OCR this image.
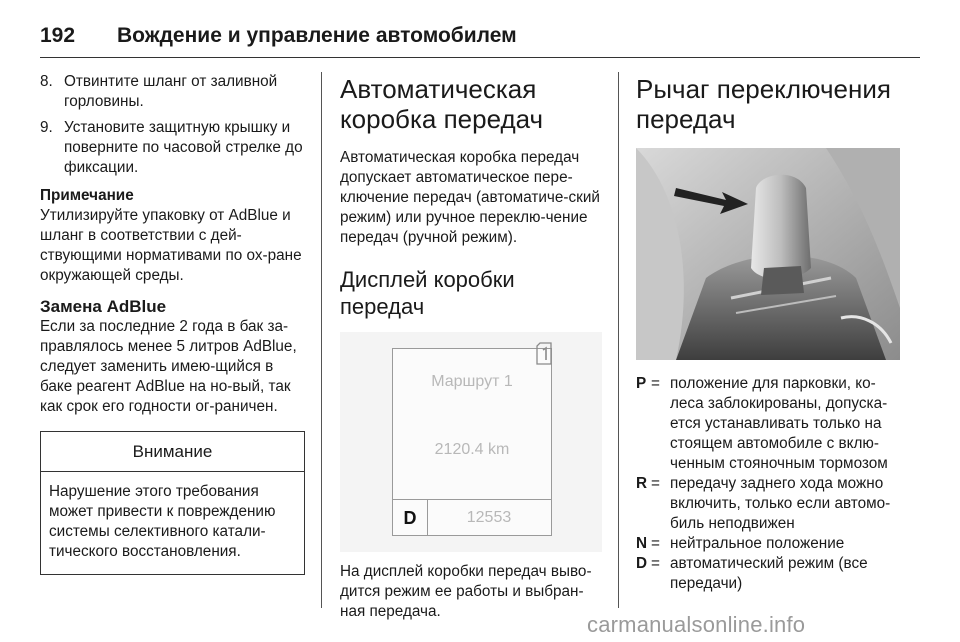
192 Вождение и управление автомобилем
8. Отвинтите шланг от заливной горловины.
9. Установите защитную крышку и поверните по часовой стрелке до фиксации.
Примечание
Утилизируйте упаковку от AdBlue и шланг в соответствии с дей-ствующими нормативами по ох-ране окружающей среды.
Замена AdBlue
Если за последние 2 года в бак за-правлялось менее 5 литров AdBlue, следует заменить имею-щийся в баке реагент AdBlue на но-вый, так как срок его годности ог-раничен.
Внимание
Нарушение этого требования может привести к повреждению системы селективного катали-тического восстановления.
Автоматическая коробка передач
Автоматическая коробка передач допускает автоматическое пере-ключение передач (автоматиче-ский режим) или ручное переклю-чение передач (ручной режим).
Дисплей коробки передач
Маршрут 1
2120.4 km
D	12553
На дисплей коробки передач выво-дится режим ее работы и выбран-ная передача.
Рычаг переключения передач
P = положение для парковки, ко-леса заблокированы, допуска-ется устанавливать только на стоящем автомобиле с вклю-ченным стояночным тормозом
R = передачу заднего хода можно включить, только если автомо-биль неподвижен
N = нейтральное положение
D = автоматический режим (все передачи)
carmanualsonline.info
